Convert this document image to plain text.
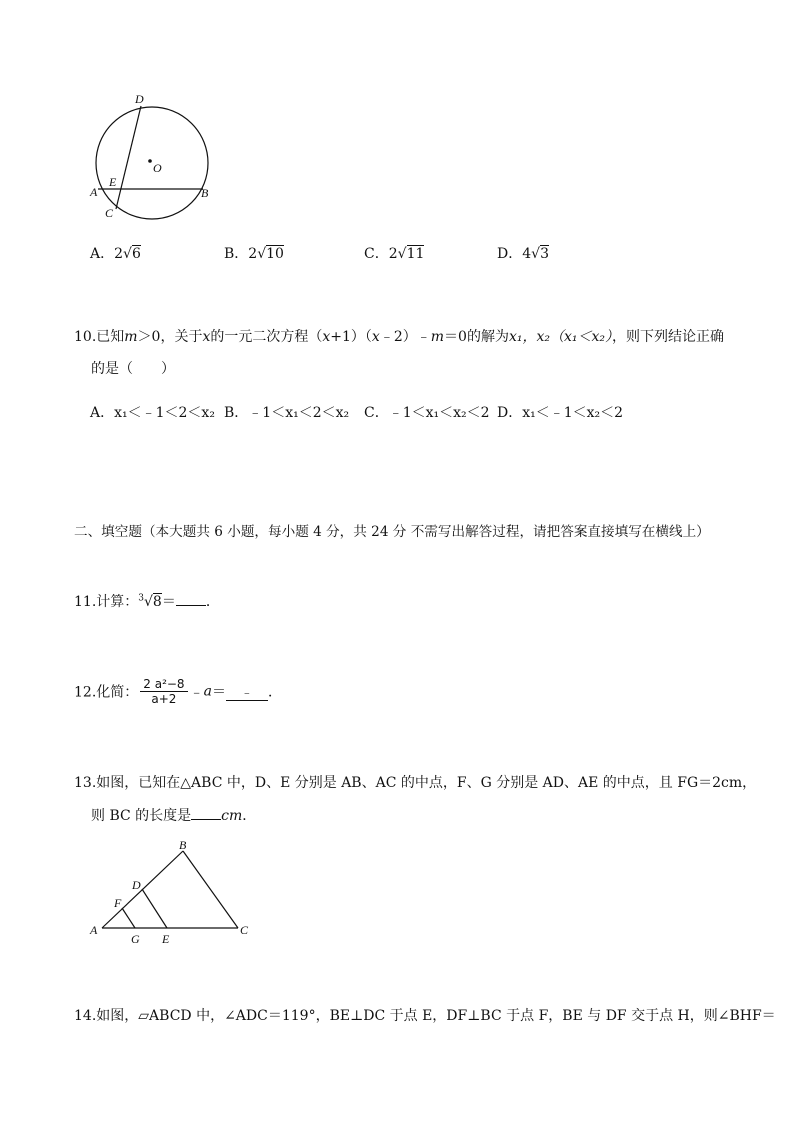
D
O
A
E
B
C
A．2√6	B．2√10	C．2√11	D．4√3
10.已知m＞0，关于x的一元二次方程（x+1）（x﹣2）﹣m＝0的解为x₁，x₂（x₁＜x₂），则下列结论正确
的是（　　）
A．x₁＜﹣1＜2＜x₂ B．﹣1＜x₁＜2＜x₂ C．﹣1＜x₁＜x₂＜2 D．x₁＜﹣1＜x₂＜2
二、填空题（本大题共 6 小题，每小题 4 分，共 24 分 不需写出解答过程，请把答案直接填写在横线上）
11.计算：$^3$√8＝ ．
12.化简： $\frac{\text{2 a²−8}}{a+2}$ ﹣a＝ ﹣ ．
13.如图，已知在△ABC 中，D、E 分别是 AB、AC 的中点，F、G 分别是 AD、AE 的中点，且 FG＝2cm，
则 BC 的长度是 cm．
B
D
F
A
G E
C
14.如图，▱ABCD 中，∠ADC＝119°，BE⊥DC 于点 E，DF⊥BC 于点 F，BE 与 DF 交于点 H，则∠BHF＝
